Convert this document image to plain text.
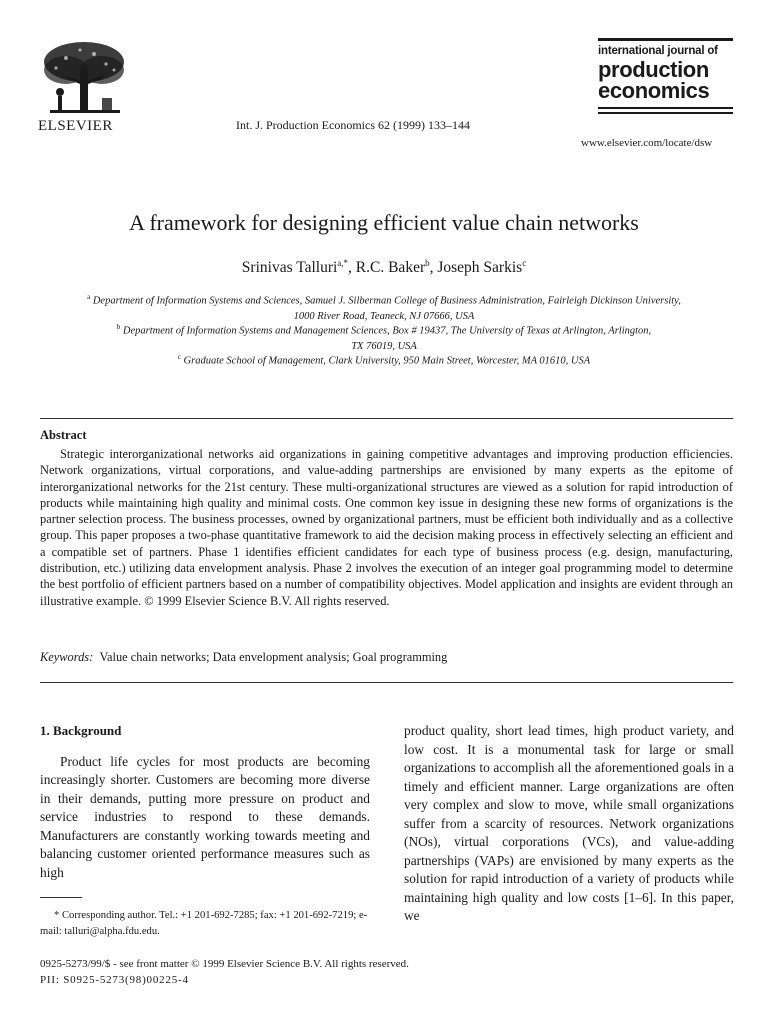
ELSEVIER	Int. J. Production Economics 62 (1999) 133–144
international journal of
production
economics
www.elsevier.com/locate/dsw
A framework for designing efficient value chain networks
Srinivas Talluri$^{a,*}$, R.C. Baker$^b$, Joseph Sarkis$^c$
$^a$ Department of Information Systems and Sciences, Samuel J. Silberman College of Business Administration, Fairleigh Dickinson University,
1000 River Road, Teaneck, NJ 07666, USA
$^b$ Department of Information Systems and Management Sciences, Box # 19437, The University of Texas at Arlington, Arlington,
TX 76019, USA
$^c$ Graduate School of Management, Clark University, 950 Main Street, Worcester, MA 01610, USA
Abstract
Strategic interorganizational networks aid organizations in gaining competitive advantages and improving production efficiencies. Network organizations, virtual corporations, and value-adding partnerships are envisioned by many experts as the epitome of interorganizational networks for the 21st century. These multi-organizational structures are viewed as a solution for rapid introduction of products while maintaining high quality and minimal costs. One common key issue in designing these new forms of organizations is the partner selection process. The business processes, owned by organizational partners, must be efficient both individually and as a collective group. This paper proposes a two-phase quantitative framework to aid the decision making process in effectively selecting an efficient and a compatible set of partners. Phase 1 identifies efficient candidates for each type of business process (e.g. design, manufacturing, distribution, etc.) utilizing data envelopment analysis. Phase 2 involves the execution of an integer goal programming model to determine the best portfolio of efficient partners based on a number of compatibility objectives. Model application and insights are evident through an illustrative example. © 1999 Elsevier Science B.V. All rights reserved.
Keywords: Value chain networks; Data envelopment analysis; Goal programming
1. Background

Product life cycles for most products are becoming increasingly shorter. Customers are becoming more diverse in their demands, putting more pressure on product and service industries to respond to these demands. Manufacturers are constantly working towards meeting and balancing customer oriented performance measures such as high

product quality, short lead times, high product variety, and low cost. It is a monumental task for large or small organizations to accomplish all the aforementioned goals in a timely and efficient manner. Large organizations are often very complex and slow to move, while small organizations suffer from a scarcity of resources. Network organizations (NOs), virtual corporations (VCs), and value-adding partnerships (VAPs) are envisioned by many experts as the solution for rapid introduction of a variety of products while maintaining high quality and low costs [1–6]. In this paper, we

* Corresponding author. Tel.: +1 201-692-7285; fax: +1 201-692-7219; e-mail: talluri@alpha.fdu.edu.
0925-5273/99/$ - see front matter © 1999 Elsevier Science B.V. All rights reserved.
PII: S0925-5273(98)00225-4
